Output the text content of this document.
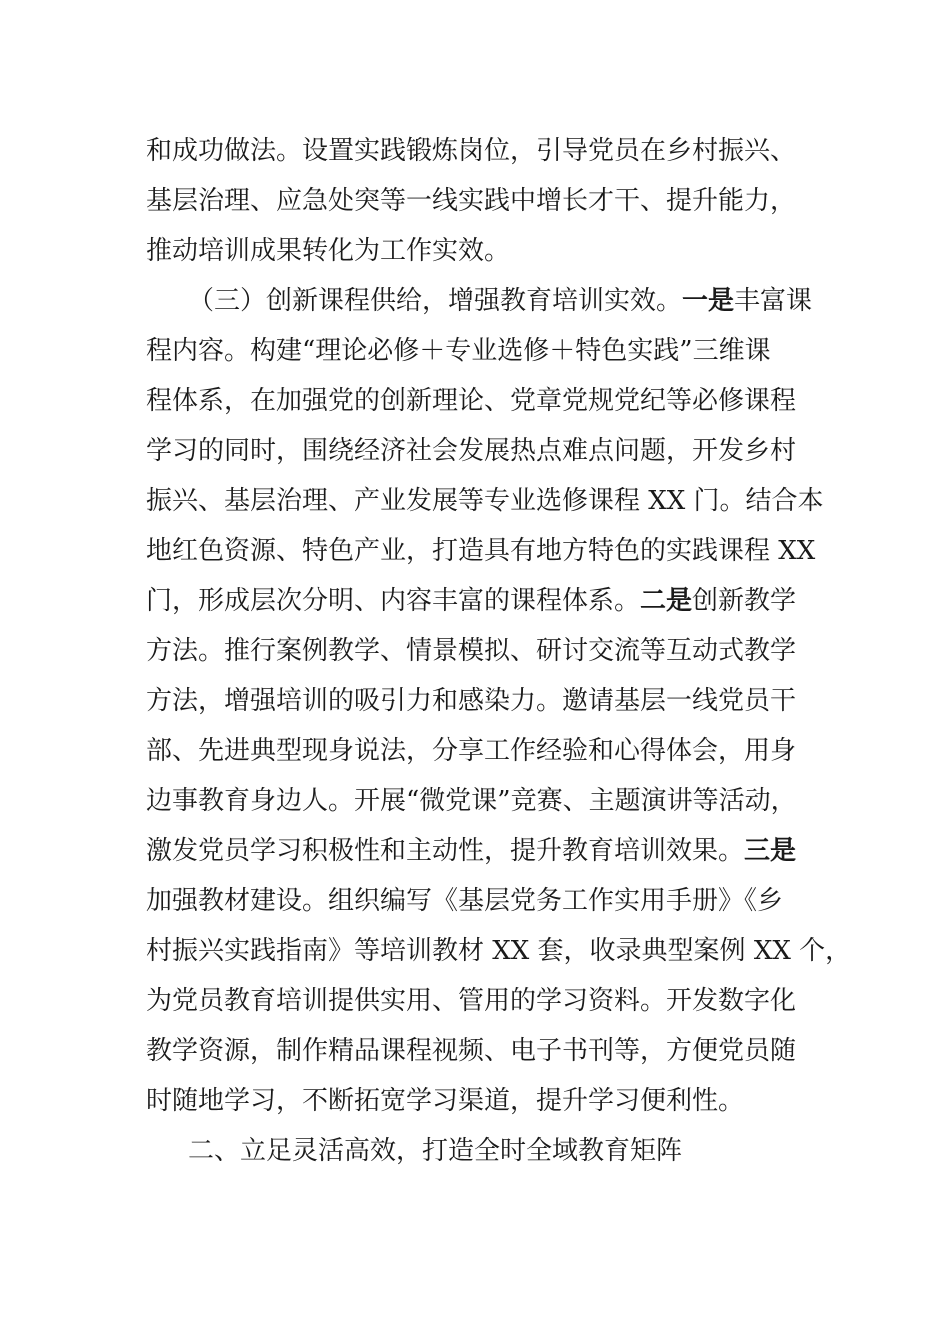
和成功做法。设置实践锻炼岗位，引导党员在乡村振兴、
基层治理、应急处突等一线实践中增长才干、提升能力，
推动培训成果转化为工作实效。
（三）创新课程供给，增强教育培训实效。一是丰富课
程内容。构建“理论必修＋专业选修＋特色实践”三维课
程体系，在加强党的创新理论、党章党规党纪等必修课程
学习的同时，围绕经济社会发展热点难点问题，开发乡村
振兴、基层治理、产业发展等专业选修课程 XX 门。结合本
地红色资源、特色产业，打造具有地方特色的实践课程 XX
门，形成层次分明、内容丰富的课程体系。二是创新教学
方法。推行案例教学、情景模拟、研讨交流等互动式教学
方法，增强培训的吸引力和感染力。邀请基层一线党员干
部、先进典型现身说法，分享工作经验和心得体会，用身
边事教育身边人。开展“微党课”竞赛、主题演讲等活动，
激发党员学习积极性和主动性，提升教育培训效果。三是
加强教材建设。组织编写《基层党务工作实用手册》《乡
村振兴实践指南》等培训教材 XX 套，收录典型案例 XX 个，
为党员教育培训提供实用、管用的学习资料。开发数字化
教学资源，制作精品课程视频、电子书刊等，方便党员随
时随地学习，不断拓宽学习渠道，提升学习便利性。
二、立足灵活高效，打造全时全域教育矩阵
